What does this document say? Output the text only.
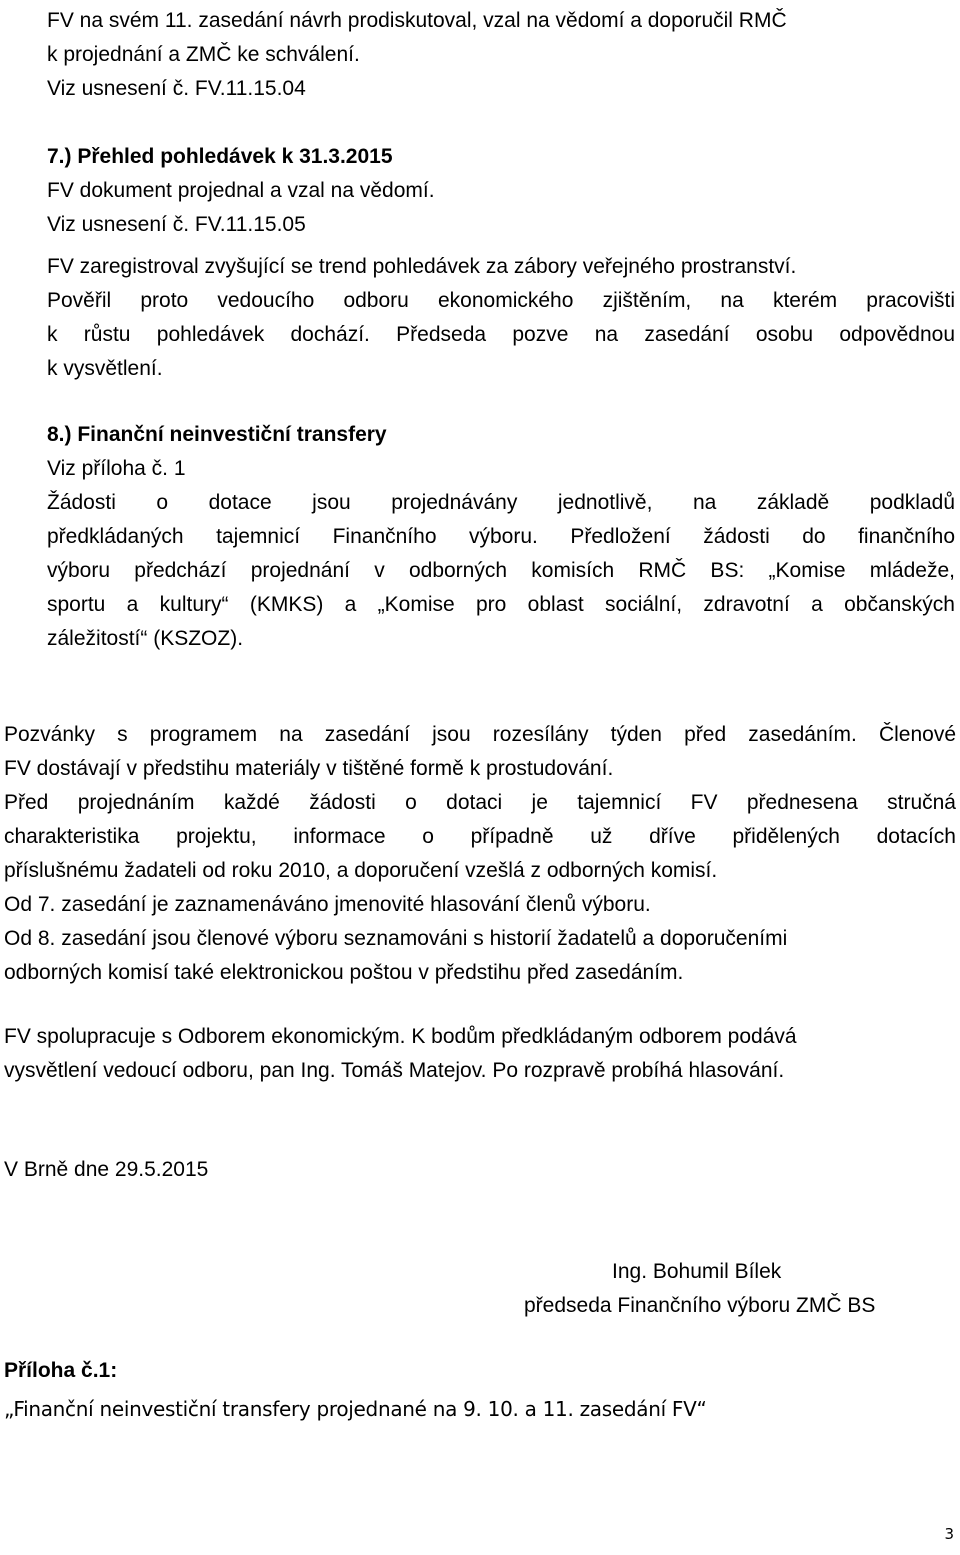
FV na svém 11. zasedání návrh prodiskutoval, vzal na vědomí a doporučil RMČ
k projednání a ZMČ ke schválení.
Viz usnesení č. FV.11.15.04
7.) Přehled pohledávek k 31.3.2015
FV dokument projednal a vzal na vědomí.
Viz usnesení č. FV.11.15.05
FV zaregistroval zvyšující se trend pohledávek za zábory veřejného prostranství.
Pověřil proto vedoucího odboru ekonomického zjištěním, na kterém pracovišti
k růstu pohledávek dochází. Předseda pozve na zasedání osobu odpovědnou
k vysvětlení.
8.) Finanční neinvestiční transfery
Viz příloha č. 1
Žádosti o dotace jsou projednávány jednotlivě, na základě podkladů
předkládaných tajemnicí Finančního výboru. Předložení žádosti do finančního
výboru předchází projednání v odborných komisích RMČ BS: „Komise mládeže,
sportu a kultury“ (KMKS) a „Komise pro oblast sociální, zdravotní a občanských
záležitostí“ (KSZOZ).
Pozvánky s programem na zasedání jsou rozesílány týden před zasedáním. Členové
FV dostávají v předstihu materiály v tištěné formě k prostudování.
Před projednáním každé žádosti o dotaci je tajemnicí FV přednesena stručná
charakteristika projektu, informace o případně už dříve přidělených dotacích
příslušnému žadateli od roku 2010, a doporučení vzešlá z odborných komisí.
Od 7. zasedání je zaznamenáváno jmenovité hlasování členů výboru.
Od 8. zasedání jsou členové výboru seznamováni s historií žadatelů a doporučeními
odborných komisí také elektronickou poštou v předstihu před zasedáním.
FV spolupracuje s Odborem ekonomickým. K bodům předkládaným odborem podává
vysvětlení vedoucí odboru, pan Ing. Tomáš Matejov. Po rozpravě probíhá hlasování.
V Brně dne 29.5.2015
Ing. Bohumil Bílek
předseda Finančního výboru ZMČ BS
Příloha č.1:
„Finanční neinvestiční transfery projednané na 9. 10. a 11. zasedání FV“
3
